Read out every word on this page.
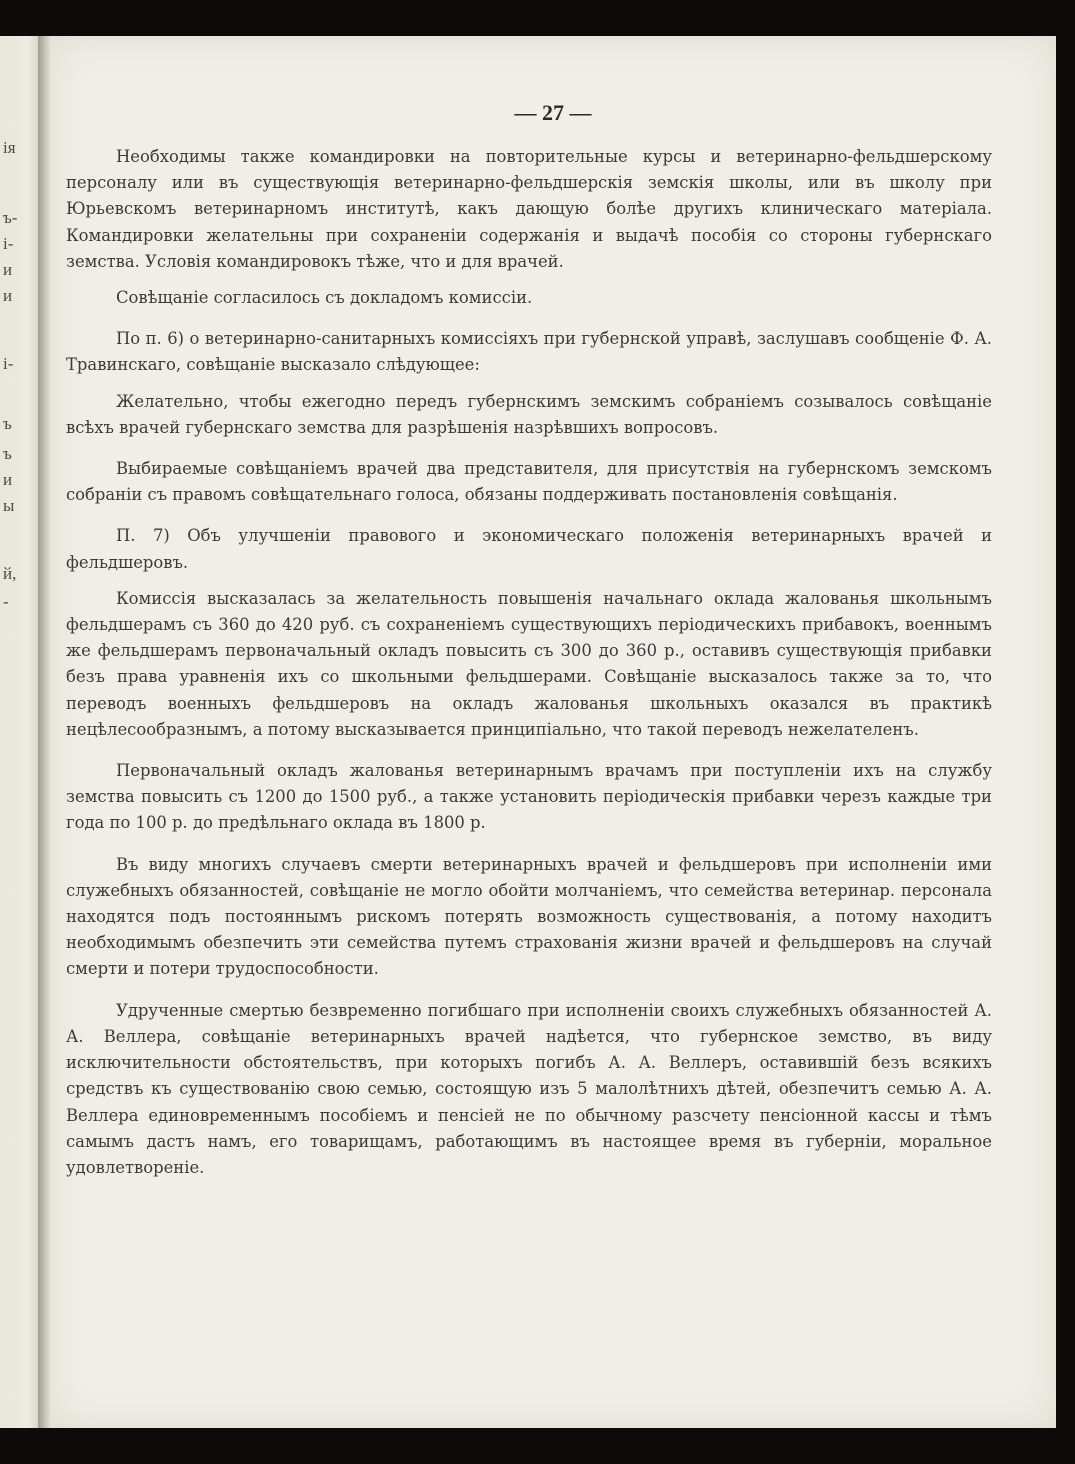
ія
ъ-
і-
и
и
і-
ъ
ъ
и
ы
й,
-
— 27 —

Необходимы также командировки на повторительные курсы и ветеринарно-фельдшерскому персоналу или въ существующія ветеринарно-фельдшерскія земскія школы, или въ школу при Юрьевскомъ ветеринарномъ институтѣ, какъ дающую болѣе другихъ клиническаго матеріала. Командировки желательны при сохраненіи содержанія и выдачѣ пособія со стороны губернскаго земства. Условія командировокъ тѣже, что и для врачей.

Совѣщаніе согласилось съ докладомъ комиссіи.

По п. 6) о ветеринарно-санитарныхъ комиссіяхъ при губернской управѣ, заслушавъ сообщеніе Ф. А. Травинскаго, совѣщаніе высказало слѣдующее:

Желательно, чтобы ежегодно передъ губернскимъ земскимъ собраніемъ созывалось совѣщаніе всѣхъ врачей губернскаго земства для разрѣшенія назрѣвшихъ вопросовъ.

Выбираемые совѣщаніемъ врачей два представителя, для присутствія на губернскомъ земскомъ собраніи съ правомъ совѣщательнаго голоса, обязаны поддерживать постановленія совѣщанія.

П. 7) Объ улучшеніи правового и экономическаго положенія ветеринарныхъ врачей и фельдшеровъ.

Комиссія высказалась за желательность повышенія начальнаго оклада жалованья школьнымъ фельдшерамъ съ 360 до 420 руб. съ сохраненіемъ существующихъ періодическихъ прибавокъ, военнымъ же фельдшерамъ первоначальный окладъ повысить съ 300 до 360 р., оставивъ существующія прибавки безъ права уравненія ихъ со школьными фельдшерами. Совѣщаніе высказалось также за то, что переводъ военныхъ фельдшеровъ на окладъ жалованья школьныхъ оказался въ практикѣ нецѣлесообразнымъ, а потому высказывается принципіально, что такой переводъ нежелателенъ.

Первоначальный окладъ жалованья ветеринарнымъ врачамъ при поступленіи ихъ на службу земства повысить съ 1200 до 1500 руб., а также установить періодическія прибавки черезъ каждые три года по 100 р. до предѣльнаго оклада въ 1800 р.

Въ виду многихъ случаевъ смерти ветеринарныхъ врачей и фельдшеровъ при исполненіи ими служебныхъ обязанностей, совѣщаніе не могло обойти молчаніемъ, что семейства ветеринар. персонала находятся подъ постояннымъ рискомъ потерять возможность существованія, а потому находитъ необходимымъ обезпечить эти семейства путемъ страхованія жизни врачей и фельдшеровъ на случай смерти и потери трудоспособности.

Удрученные смертью безвременно погибшаго при исполненіи своихъ служебныхъ обязанностей А. А. Веллера, совѣщаніе ветеринарныхъ врачей надѣется, что губернское земство, въ виду исключительности обстоятельствъ, при которыхъ погибъ А. А. Веллеръ, оставившій безъ всякихъ средствъ къ существованію свою семью, состоящую изъ 5 малолѣтнихъ дѣтей, обезпечитъ семью А. А. Веллера единовременнымъ пособіемъ и пенсіей не по обычному разсчету пенсіонной кассы и тѣмъ самымъ дастъ намъ, его товарищамъ, работающимъ въ настоящее время въ губерніи, моральное удовлетвореніе.
